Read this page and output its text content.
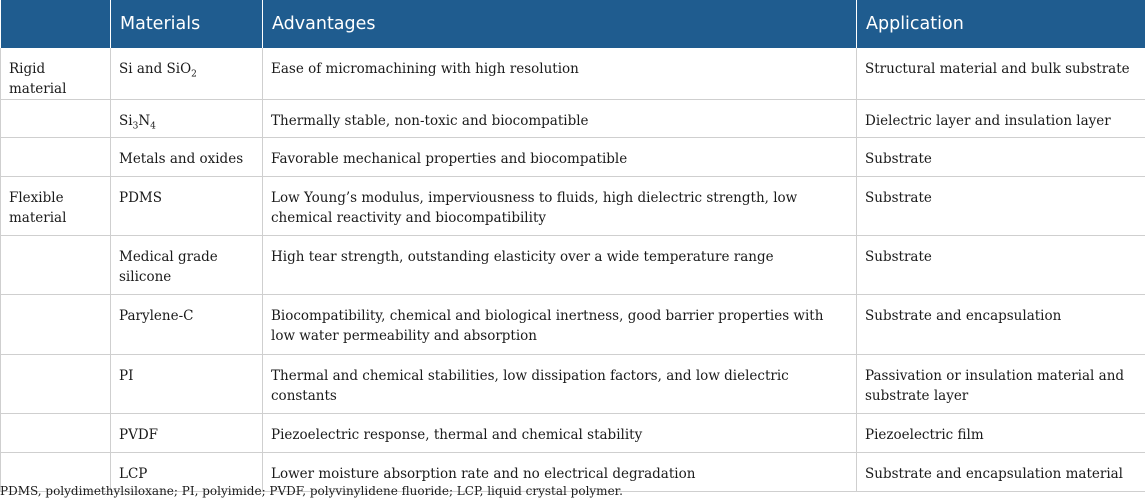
	Materials	Advantages	Application

Rigid material	Si and SiO$_2$	Ease of micromachining with high resolution	Structural material and bulk substrate

	$Si_3N_4$	Thermally stable, non-toxic and biocompatible	Dielectric layer and insulation layer

	Metals and oxides	Favorable mechanical properties and biocompatible	Substrate

Flexible material	PDMS	Low Young’s modulus, imperviousness to fluids, high dielectric strength, low chemical reactivity and biocompatibility	Substrate

	Medical grade silicone	High tear strength, outstanding elasticity over a wide temperature range	Substrate

	Parylene-C	Biocompatibility, chemical and biological inertness, good barrier properties with low water permeability and absorption	Substrate and encapsulation

	PI	Thermal and chemical stabilities, low dissipation factors, and low dielectric constants	Passivation or insulation material and substrate layer

	PVDF	Piezoelectric response, thermal and chemical stability	Piezoelectric film

	LCP	Lower moisture absorption rate and no electrical degradation	Substrate and encapsulation material
PDMS, polydimethylsiloxane; PI, polyimide; PVDF, polyvinylidene fluoride; LCP, liquid crystal polymer.
